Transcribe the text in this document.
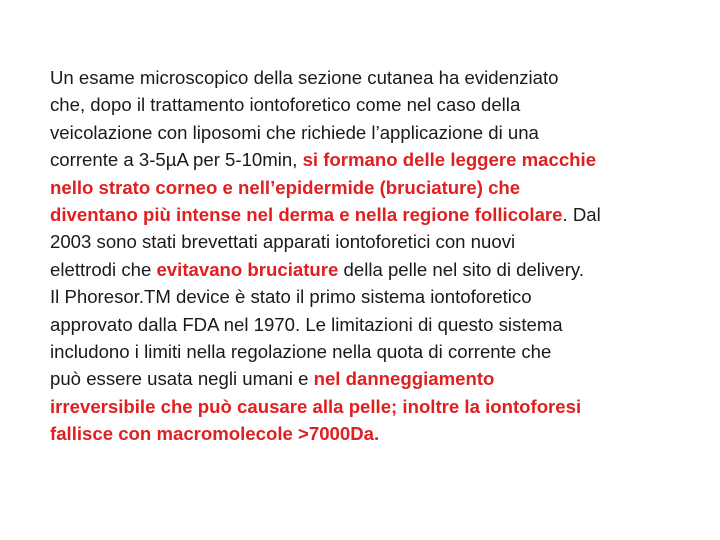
Un esame microscopico della sezione cutanea ha evidenziato
che, dopo il trattamento iontoforetico come nel caso della
veicolazione con liposomi che richiede l’applicazione di una
corrente a 3-5µA per 5-10min, si formano delle leggere macchie
nello strato corneo e nell’epidermide (bruciature) che
diventano più intense nel derma e nella regione follicolare. Dal
2003 sono stati brevettati apparati iontoforetici con nuovi
elettrodi che evitavano bruciature della pelle nel sito di delivery.
Il Phoresor.TM device è stato il primo sistema iontoforetico
approvato dalla FDA nel 1970. Le limitazioni di questo sistema
includono i limiti nella regolazione nella quota di corrente che
può essere usata negli umani e nel danneggiamento
irreversibile che può causare alla pelle; inoltre la iontoforesi
fallisce con macromolecole >7000Da.
